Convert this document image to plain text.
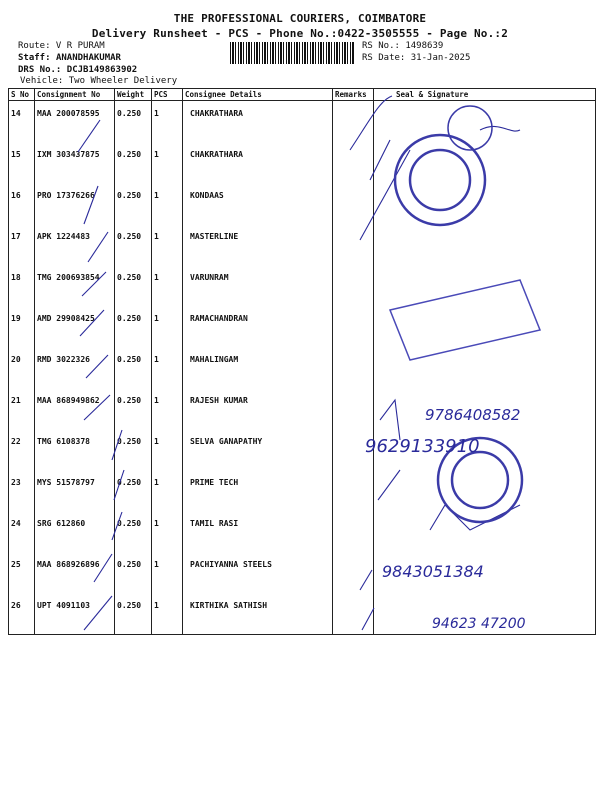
THE PROFESSIONAL COURIERS, COIMBATORE
Delivery Runsheet - PCS - Phone No.:0422-3505555 - Page No.:2
Route: V R PURAM
Staff: ANANDHAKUMAR
DRS No.: DCJB149863902
Vehicle: Two Wheeler Delivery
RS No.: 1498639
RS Date: 31-Jan-2025
S No	Consignment No	Weight	PCS	Consignee Details	Remarks	Seal & Signature

14	MAA 200078595	0.250	1	CHAKRATHARA		

15	IXM 303437875	0.250	1	CHAKRATHARA		

16	PRO 17376266	0.250	1	KONDAAS		

17	APK 1224483	0.250	1	MASTERLINE		

18	TMG 200693854	0.250	1	VARUNRAM		

19	AMD 29908425	0.250	1	RAMACHANDRAN		

20	RMD 3022326	0.250	1	MAHALINGAM		

21	MAA 868949862	0.250	1	RAJESH KUMAR		

22	TMG 6108378	0.250	1	SELVA GANAPATHY		

23	MYS 51578797	0.250	1	PRIME TECH		

24	SRG 612860	0.250	1	TAMIL RASI		

25	MAA 868926896	0.250	1	PACHIYANNA STEELS		

26	UPT 4091103	0.250	1	KIRTHIKA SATHISH		

9786408582
9629133910
9843051384
94623 47200
